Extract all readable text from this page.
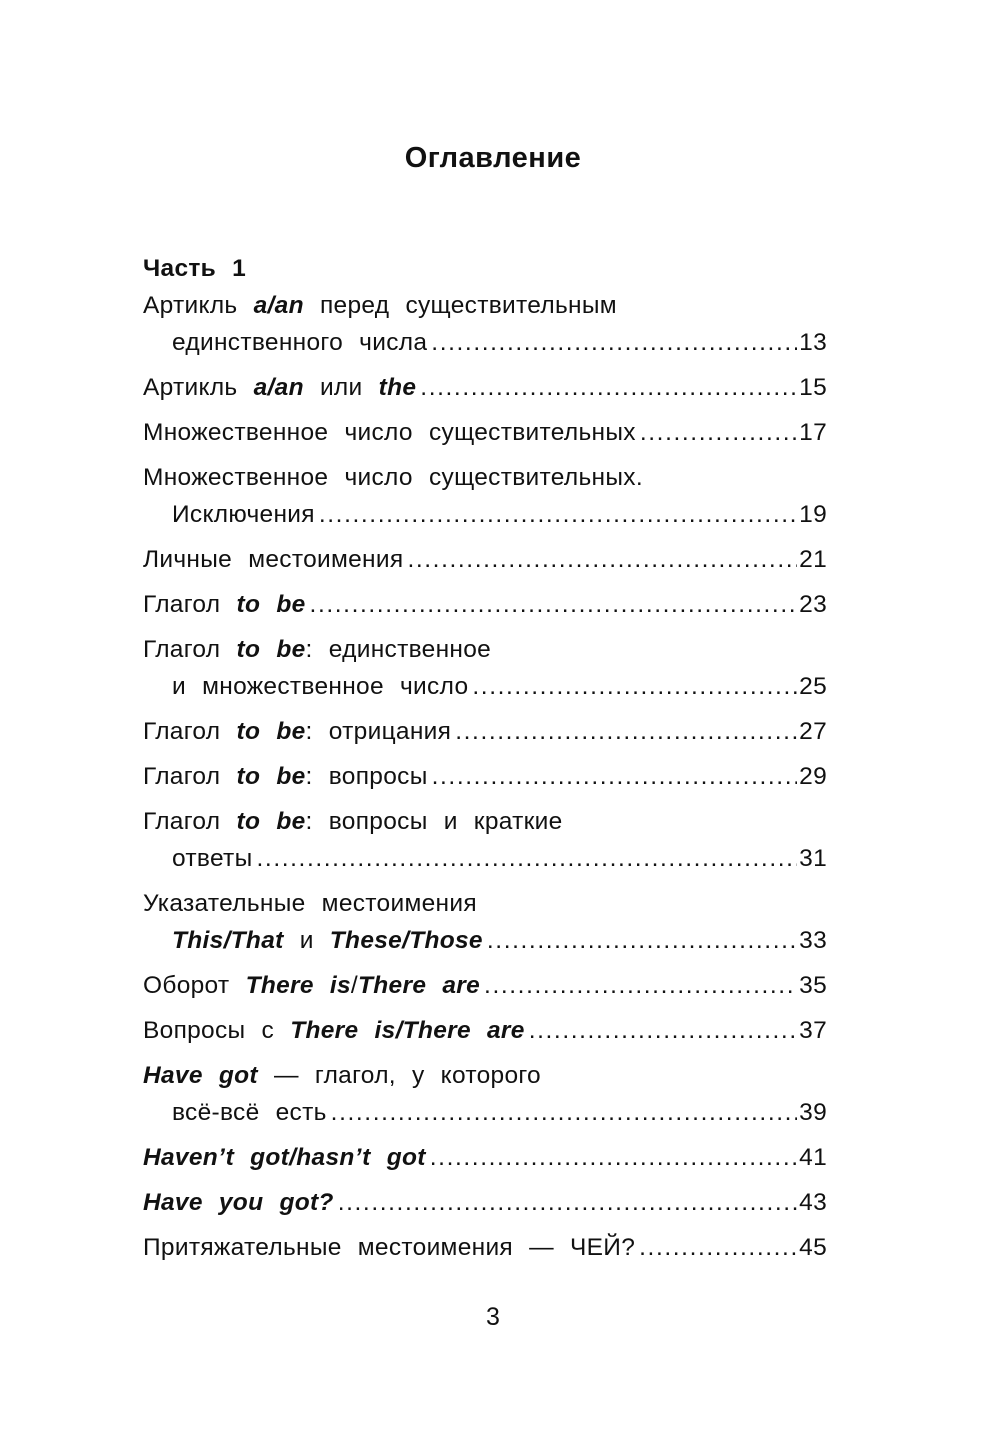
Оглавление
Часть 1
Артикль a/an перед существительным
единственного числа .....	13
Артикль a/an или the .....	15
Множественное число существительных .....	17
Множественное число существительных.
Исключения .....	19
Личные местоимения .....	21
Глагол to be .....	23
Глагол to be: единственное
и множественное число .....	25
Глагол to be: отрицания .....	27
Глагол to be: вопросы .....	29
Глагол to be: вопросы и краткие
ответы .....	31
Указательные местоимения
This/That и These/Those .....	33
Оборот There is/There are .....	35
Вопросы с There is/There are .....	37
Have got — глагол, у которого
всё-всё есть .....	39
Haven’t got/hasn’t got .....	41
Have you got? .....	43
Притяжательные местоимения — ЧЕЙ? .....	45
3
